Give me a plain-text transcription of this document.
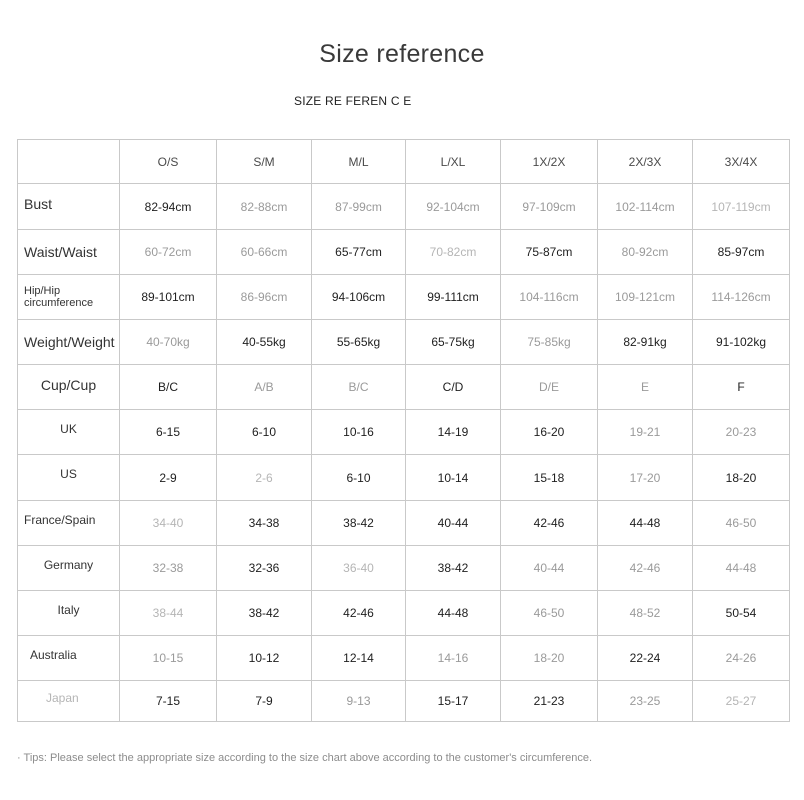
Size reference
SIZE RE FEREN C E
	O/S	S/M	M/L	L/XL	1X/2X	2X/3X	3X/4X
Bust	82-94cm	82-88cm	87-99cm	92-104cm	97-109cm	102-114cm	107-119cm
Waist/Waist	60-72cm	60-66cm	65-77cm	70-82cm	75-87cm	80-92cm	85-97cm
Hip/Hip circumference	89-101cm	86-96cm	94-106cm	99-111cm	104-116cm	109-121cm	114-126cm
Weight/Weight	40-70kg	40-55kg	55-65kg	65-75kg	75-85kg	82-91kg	91-102kg
Cup/Cup	B/C	A/B	B/C	C/D	D/E	E	F
UK	6-15	6-10	10-16	14-19	16-20	19-21	20-23
US	2-9	2-6	6-10	10-14	15-18	17-20	18-20
France/Spain	34-40	34-38	38-42	40-44	42-46	44-48	46-50
Germany	32-38	32-36	36-40	38-42	40-44	42-46	44-48
Italy	38-44	38-42	42-46	44-48	46-50	48-52	50-54
Australia	10-15	10-12	12-14	14-16	18-20	22-24	24-26
Japan	7-15	7-9	9-13	15-17	21-23	23-25	25-27
· Tips: Please select the appropriate size according to the size chart above according to the customer's circumference.
